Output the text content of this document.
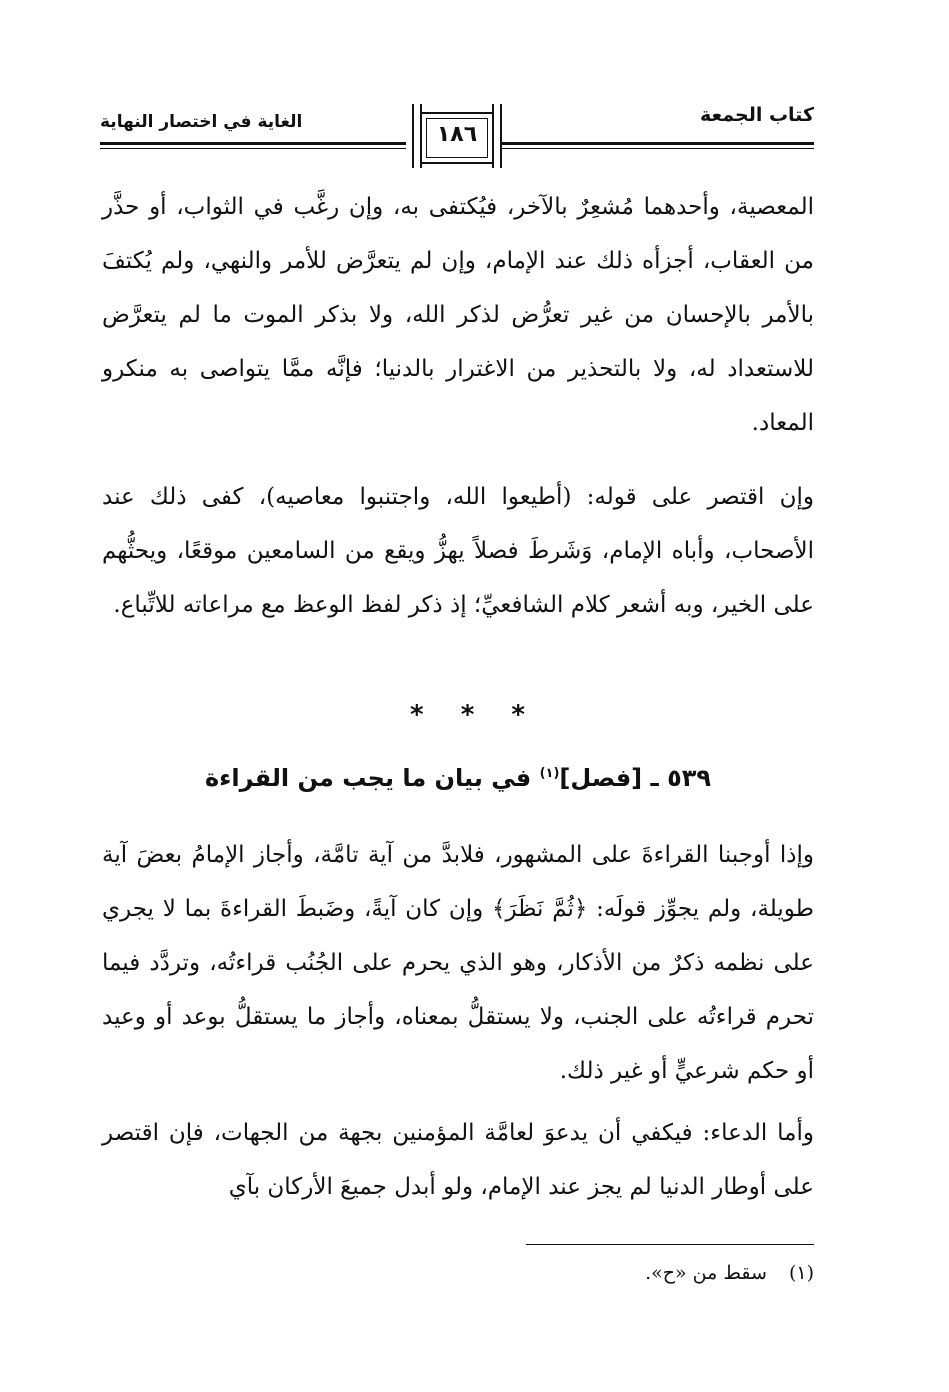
كتاب الجمعة
الغاية في اختصار النهاية	١٨٦

المعصية، وأحدهما مُشعِرٌ بالآخر، فيُكتفى به، وإن رغَّب في الثواب، أو حذَّر من العقاب، أجزأه ذلك عند الإمام، وإن لم يتعرَّض للأمر والنهي، ولم يُكتفَ بالأمر بالإحسان من غير تعرُّض لذكر الله، ولا بذكر الموت ما لم يتعرَّض للاستعداد له، ولا بالتحذير من الاغترار بالدنيا؛ فإنَّه ممَّا يتواصى به منكرو المعاد.

وإن اقتصر على قوله: (أطيعوا الله، واجتنبوا معاصيه)، كفى ذلك عند الأصحاب، وأباه الإمام، وَشَرطَ فصلاً يهزُّ ويقع من السامعين موقعًا، ويحثُّهم على الخير، وبه أشعر كلام الشافعيِّ؛ إذ ذكر لفظ الوعظ مع مراعاته للاتِّباع.

* * *
٥٣٩ ـ [فصل]$^{(١)}$ في بيان ما يجب من القراءة

وإذا أوجبنا القراءةَ على المشهور، فلابدَّ من آية تامَّة، وأجاز الإمامُ بعضَ آية طويلة، ولم يجوِّز قولَه: ﴿ثُمَّ نَظَرَ﴾ وإن كان آيةً، وضَبطَ القراءةَ بما لا يجري على نظمه ذكرٌ من الأذكار، وهو الذي يحرم على الجُنُب قراءتُه، وتردَّد فيما تحرم قراءتُه على الجنب، ولا يستقلُّ بمعناه، وأجاز ما يستقلُّ بوعد أو وعيد أو حكم شرعيٍّ أو غير ذلك.

وأما الدعاء: فيكفي أن يدعوَ لعامَّة المؤمنين بجهة من الجهات، فإن اقتصر على أوطار الدنيا لم يجز عند الإمام، ولو أبدل جميعَ الأركان بآي

(١)سقط من «ح».
